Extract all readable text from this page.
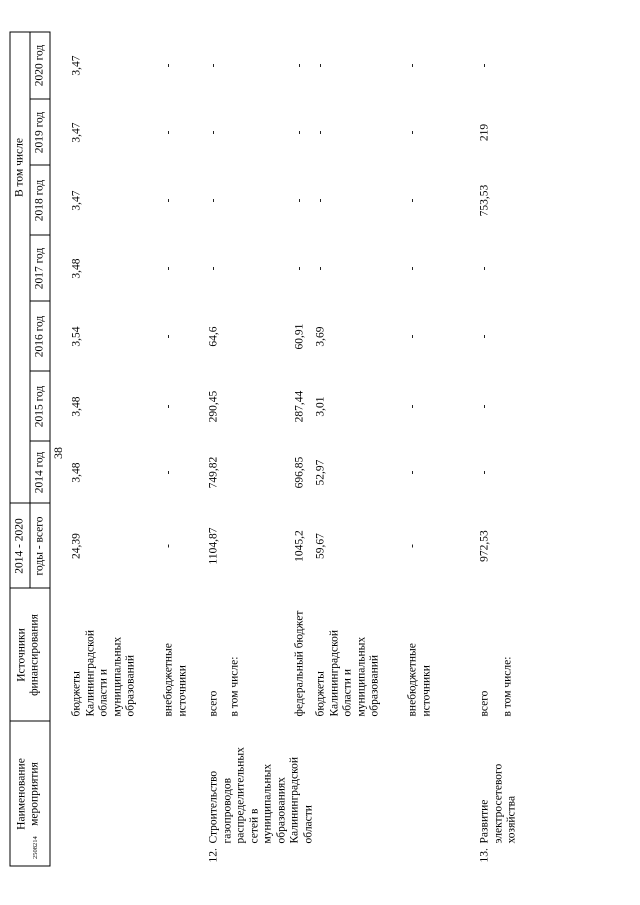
38
Наименование мероприятия
Источники финансирования
2014 - 2020 годы - всего
В том числе
2014 год
2015 год
2016 год
2017 год
2018 год
2019 год
2020 год
бюджеты Калининградской области и муниципальных образований
24,39
3,48
3,48
3,54
3,48
3,47
3,47
3,47
внебюджетные источники
-
-
-
-
-
-
-
-
12.
Строительство газопроводов распределительных сетей в муниципальных образованиях Калининградской области
всего
1104,87
749,82
290,45
64,6
-
-
-
-
в том числе:	федеральный бюджет
1045,2
696,85
287,44
60,91
-
-
-
-
бюджеты Калининградской области и муниципальных образований
59,67
52,97
3,01
3,69
-
-
-
-
внебюджетные источники
-
-
-
-
-
-
-
-
13.
Развитие электросетевого хозяйства
всего
972,53
-
-
-
-
753,53
219
-
в том числе:
2508214
